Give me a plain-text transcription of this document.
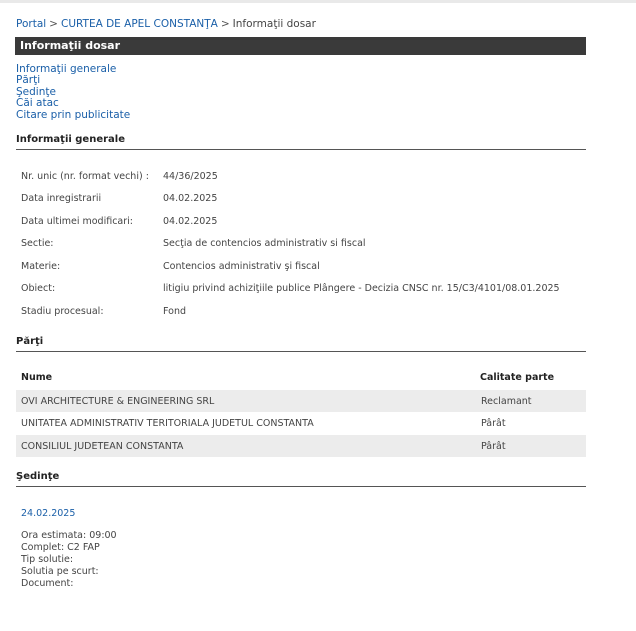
Portal > CURTEA DE APEL CONSTANŢA > Informaţii dosar
Informaţii dosar
Informaţii generale
Părţi
Şedinţe
Căi atac
Citare prin publicitate
Informaţii generale
Nr. unic (nr. format vechi) : 44/36/2025
Data inregistrarii	04.02.2025
Data ultimei modificari:	04.02.2025
Sectie:	Secţia de contencios administrativ si fiscal
Materie:	Contencios administrativ şi fiscal
Obiect:	litigiu privind achiziţiile publice Plângere - Decizia CNSC nr. 15/C3/4101/08.01.2025
Stadiu procesual:	Fond
Părţi
Nume	Calitate parte
OVI ARCHITECTURE & ENGINEERING SRL	Reclamant
UNITATEA ADMINISTRATIV TERITORIALA JUDETUL CONSTANTA	Pârât
CONSILIUL JUDETEAN CONSTANTA	Pârât
Şedinţe
24.02.2025
Ora estimata: 09:00
Complet: C2 FAP
Tip solutie:
Solutia pe scurt:
Document:
